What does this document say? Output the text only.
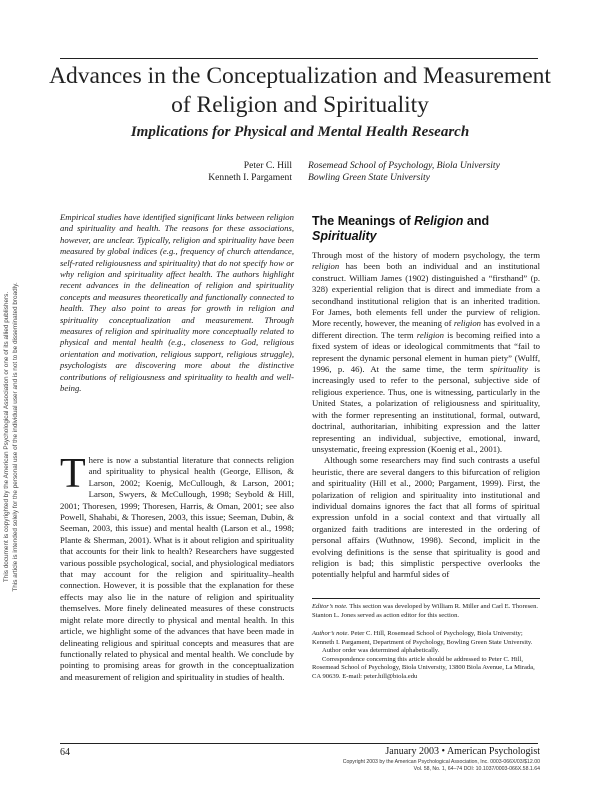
Advances in the Conceptualization and Measurement of Religion and Spirituality
Implications for Physical and Mental Health Research
Peter C. Hill
Kenneth I. Pargament
Rosemead School of Psychology, Biola University
Bowling Green State University
This document is copyrighted by the American Psychological Association or one of its allied publishers. This article is intended solely for the personal use of the individual user and is not to be disseminated broadly.
Empirical studies have identified significant links between religion and spirituality and health. The reasons for these associations, however, are unclear. Typically, religion and spirituality have been measured by global indices (e.g., frequency of church attendance, self-rated religiousness and spirituality) that do not specify how or why religion and spirituality affect health. The authors highlight recent advances in the delineation of religion and spirituality concepts and measures theoretically and functionally connected to health. They also point to areas for growth in religion and spirituality conceptualization and measurement. Through measures of religion and spirituality more conceptually related to physical and mental health (e.g., closeness to God, religious orientation and motivation, religious support, religious struggle), psychologists are discovering more about the distinctive contributions of religiousness and spirituality to health and well-being.
There is now a substantial literature that connects religion and spirituality to physical health (George, Ellison, & Larson, 2002; Koenig, McCullough, & Larson, 2001; Larson, Swyers, & McCullough, 1998; Seybold & Hill, 2001; Thoresen, 1999; Thoresen, Harris, & Oman, 2001; see also Powell, Shahabi, & Thoresen, 2003, this issue; Seeman, Dubin, & Seeman, 2003, this issue) and mental health (Larson et al., 1998; Plante & Sherman, 2001). What is it about religion and spirituality that accounts for their link to health? Researchers have suggested various possible psychological, social, and physiological mediators that may account for the religion and spirituality–health connection. However, it is possible that the explanation for these effects may also lie in the nature of religion and spirituality themselves. More finely delineated measures of these constructs might relate more directly to physical and mental health. In this article, we highlight some of the advances that have been made in delineating religious and spiritual concepts and measures that are functionally related to physical and mental health. We conclude by pointing to promising areas for growth in the conceptualization and measurement of religion and spirituality in studies of health.
The Meanings of Religion and
Spirituality

Through most of the history of modern psychology, the term religion has been both an individual and an institutional construct. William James (1902) distinguished a “firsthand” (p. 328) experiential religion that is direct and immediate from a secondhand institutional religion that is an inherited tradition. For James, both elements fell under the purview of religion. More recently, however, the meaning of religion has evolved in a different direction. The term religion is becoming reified into a fixed system of ideas or ideological commitments that “fail to represent the dynamic personal element in human piety” (Wulff, 1996, p. 46). At the same time, the term spirituality is increasingly used to refer to the personal, subjective side of religious experience. Thus, one is witnessing, particularly in the United States, a polarization of religiousness and spirituality, with the former representing an institutional, formal, outward, doctrinal, authoritarian, inhibiting expression and the latter representing an individual, subjective, emotional, inward, unsystematic, freeing expression (Koenig et al., 2001).

Although some researchers may find such contrasts a useful heuristic, there are several dangers to this bifurcation of religion and spirituality (Hill et al., 2000; Pargament, 1999). First, the polarization of religion and spirituality into institutional and individual domains ignores the fact that all forms of spiritual expression unfold in a social context and that virtually all organized faith traditions are interested in the ordering of personal affairs (Wuthnow, 1998). Second, implicit in the evolving definitions is the sense that spirituality is good and religion is bad; this simplistic perspective overlooks the potentially helpful and harmful sides of

Editor’s note. This section was developed by William R. Miller and Carl E. Thoresen. Stanton L. Jones served as action editor for this section.

Author’s note. Peter C. Hill, Rosemead School of Psychology, Biola University; Kenneth I. Pargament, Department of Psychology, Bowling Green State University.

Author order was determined alphabetically.

Correspondence concerning this article should be addressed to Peter C. Hill, Rosemead School of Psychology, Biola University, 13800 Biola Avenue, La Mirada, CA 90639. E-mail: peter.hill@biola.edu

64	January 2003 • American Psychologist
Copyright 2003 by the American Psychological Association, Inc. 0003-066X/03/$12.00
Vol. 58, No. 1, 64–74 DOI: 10.1037/0003-066X.58.1.64
